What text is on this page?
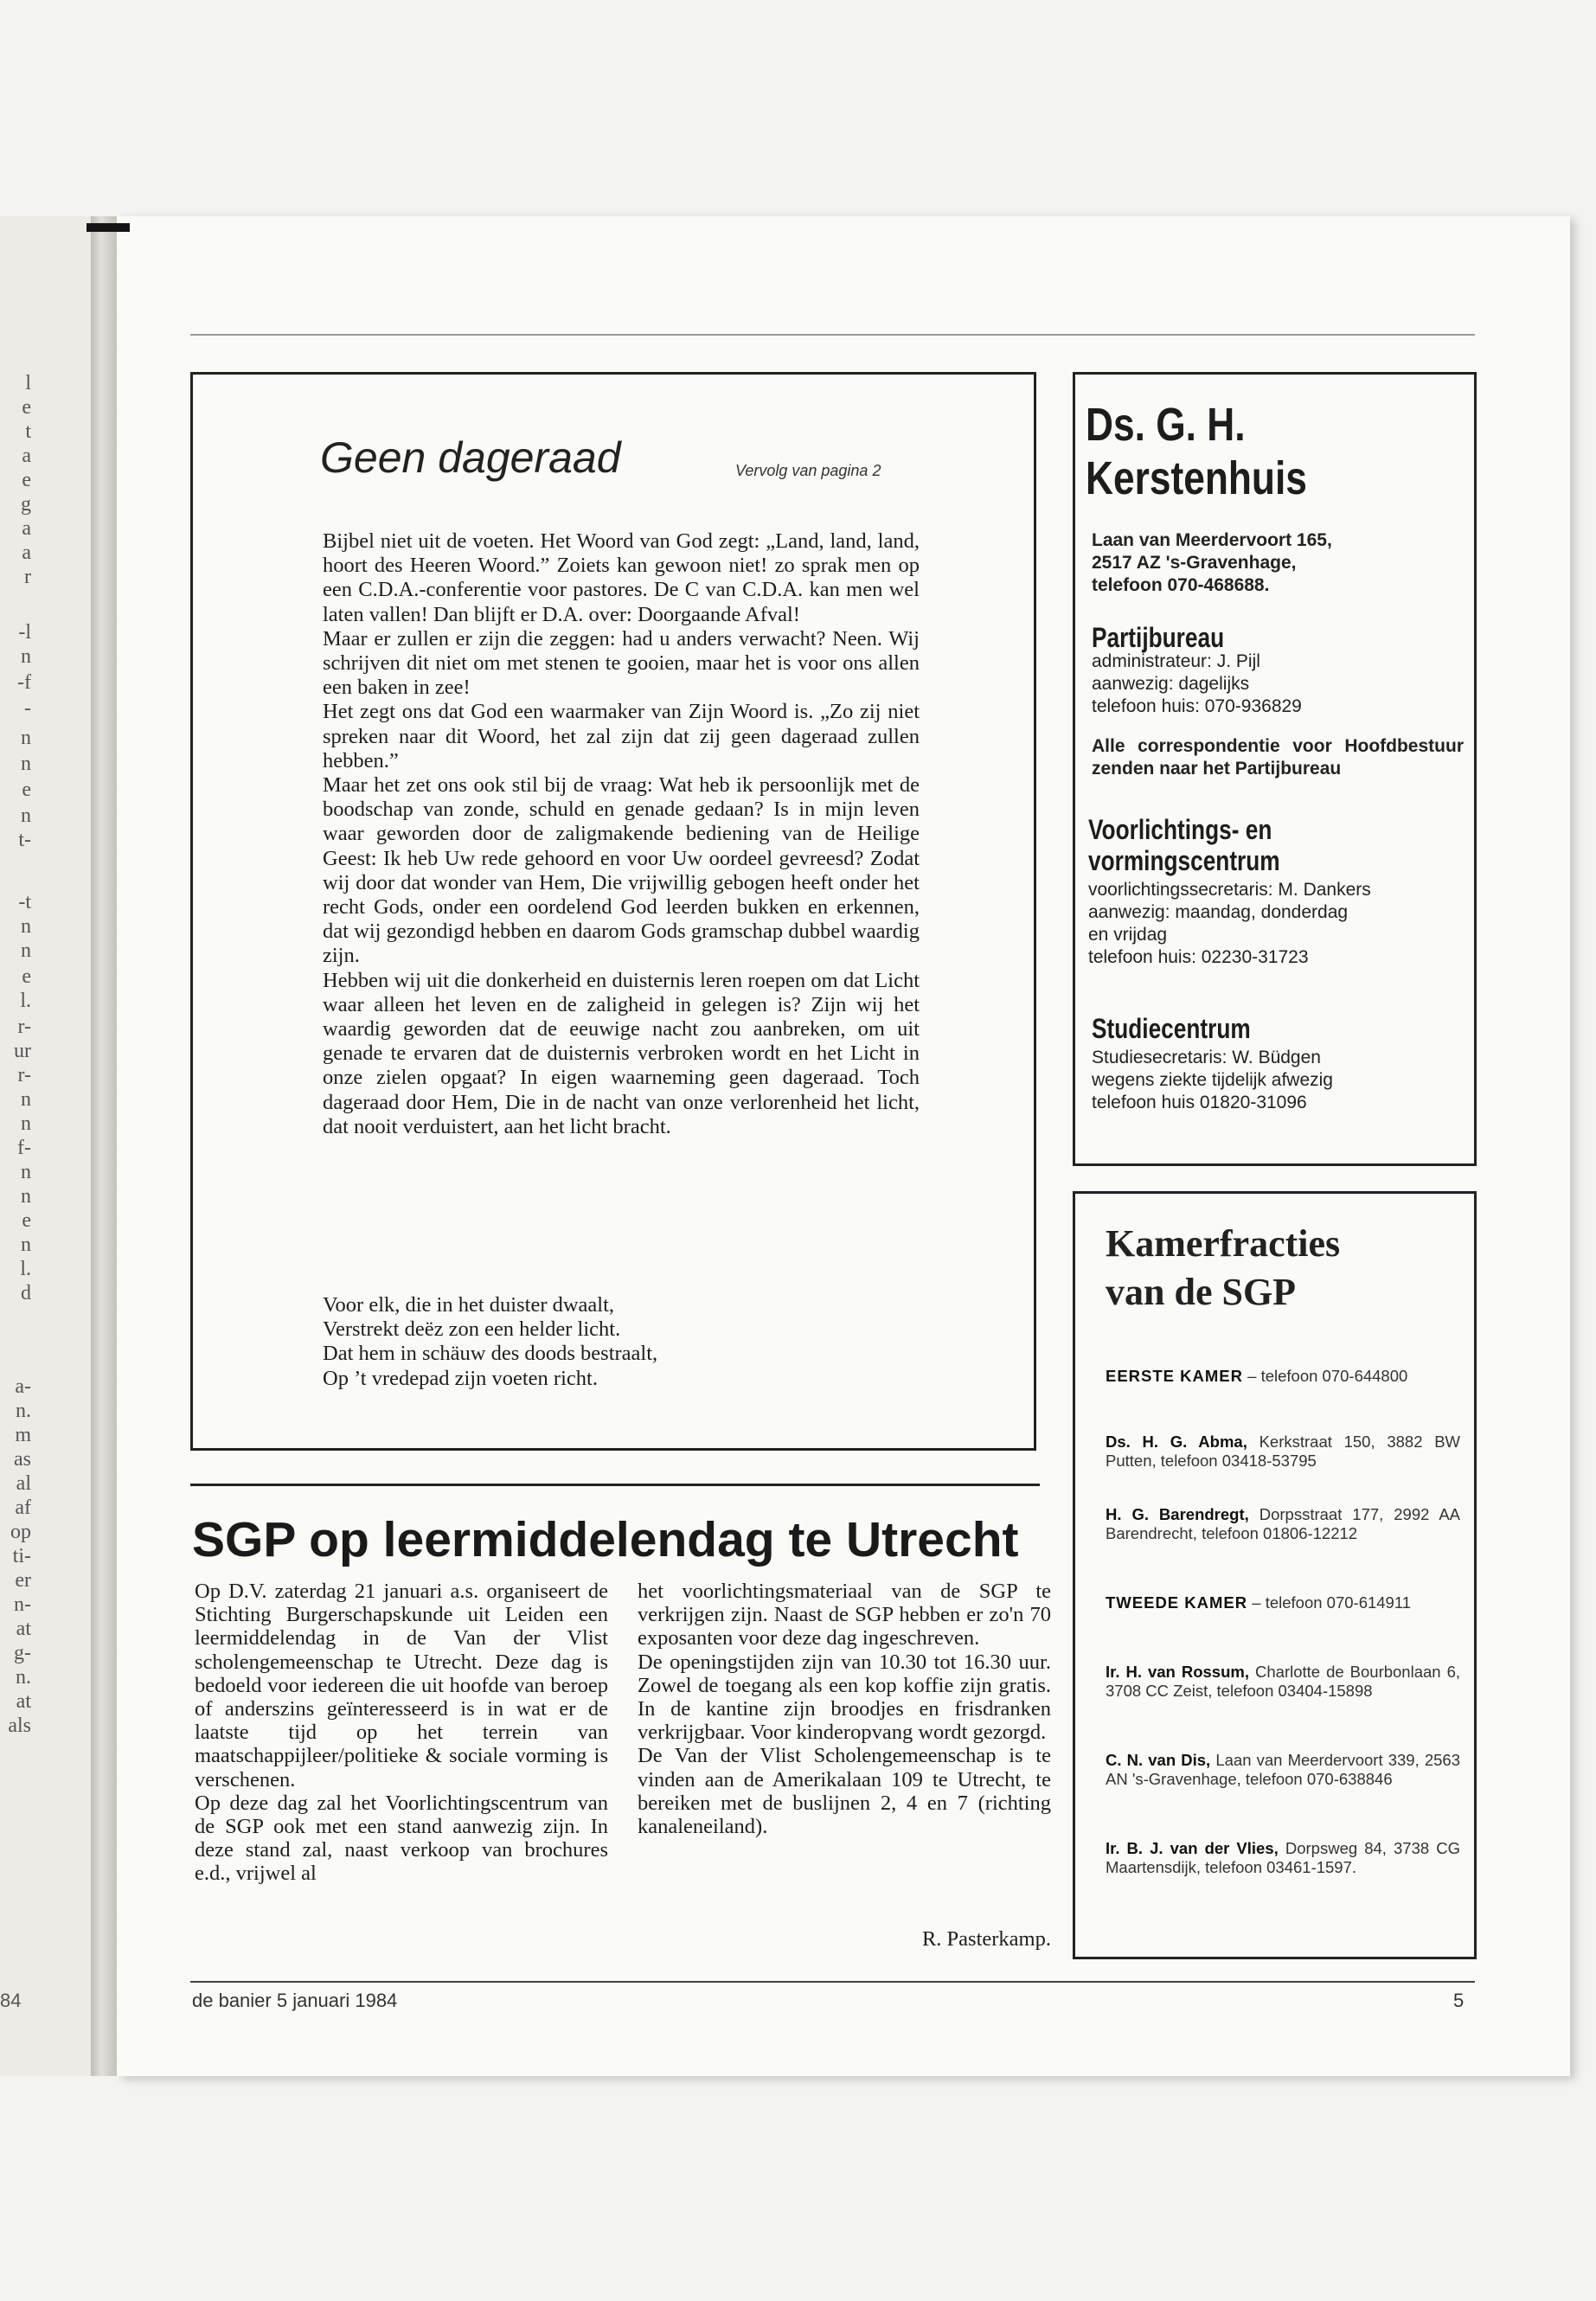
l
e
t
a
e
g
a
a
r
-l
n
-f
-
n
n
e
n
t-
-t
n
n
e
l.
r-
ur
r-
n
n
f-
n
n
e
n
l.
d
a-
n.
m
as
al
af
op
ti-
er
n-
at
g-
n.
at
als
84
Geen dageraad	Vervolg van pagina 2

Bijbel niet uit de voeten. Het Woord van God zegt: „Land, land, land, hoort des Heeren Woord.” Zoiets kan gewoon niet! zo sprak men op een C.D.A.-conferentie voor pastores. De C van C.D.A. kan men wel laten vallen! Dan blijft er D.A. over: Doorgaande Afval!

Maar er zullen er zijn die zeggen: had u anders verwacht? Neen. Wij schrijven dit niet om met stenen te gooien, maar het is voor ons allen een baken in zee!

Het zegt ons dat God een waarmaker van Zijn Woord is. „Zo zij niet spreken naar dit Woord, het zal zijn dat zij geen dageraad zullen hebben.”

Maar het zet ons ook stil bij de vraag: Wat heb ik persoonlijk met de boodschap van zonde, schuld en genade gedaan? Is in mijn leven waar geworden door de zaligmakende bediening van de Heilige Geest: Ik heb Uw rede gehoord en voor Uw oordeel gevreesd? Zodat wij door dat wonder van Hem, Die vrijwillig gebogen heeft onder het recht Gods, onder een oordelend God leerden bukken en erkennen, dat wij gezondigd hebben en daarom Gods gramschap dubbel waardig zijn.

Hebben wij uit die donkerheid en duisternis leren roepen om dat Licht waar alleen het leven en de zaligheid in gelegen is? Zijn wij het waardig geworden dat de eeuwige nacht zou aanbreken, om uit genade te ervaren dat de duisternis verbroken wordt en het Licht in onze zielen opgaat? In eigen waarneming geen dageraad. Toch dageraad door Hem, Die in de nacht van onze verlorenheid het licht, dat nooit verduistert, aan het licht bracht.

Voor elk, die in het duister dwaalt,

Verstrekt deëz zon een helder licht.

Dat hem in schäuw des doods bestraalt,

Op ’t vredepad zijn voeten richt.

Ds. G. H.
Kerstenhuis
Laan van Meerdervoort 165,
2517 AZ 's-Gravenhage,
telefoon 070-468688.
Partijbureau
administrateur: J. Pijl
aanwezig: dagelijks
telefoon huis: 070-936829
Alle correspondentie voor Hoofdbestuur zenden naar het Partijbureau
Voorlichtings- en
vormingscentrum
voorlichtingssecretaris: M. Dankers
aanwezig: maandag, donderdag
en vrijdag
telefoon huis: 02230-31723
Studiecentrum
Studiesecretaris: W. Büdgen
wegens ziekte tijdelijk afwezig
telefoon huis 01820-31096
Kamerfracties
van de SGP
EERSTE KAMER – telefoon 070-644800
Ds. H. G. Abma, Kerkstraat 150, 3882 BW Putten, telefoon 03418-53795
H. G. Barendregt, Dorpsstraat 177, 2992 AA Barendrecht, telefoon 01806-12212
TWEEDE KAMER – telefoon 070-614911
Ir. H. van Rossum, Charlotte de Bourbonlaan 6, 3708 CC Zeist, telefoon 03404-15898
C. N. van Dis, Laan van Meerdervoort 339, 2563 AN 's-Gravenhage, telefoon 070-638846
Ir. B. J. van der Vlies, Dorpsweg 84, 3738 CG Maartensdijk, telefoon 03461-1597.
SGP op leermiddelendag te Utrecht

Op D.V. zaterdag 21 januari a.s. organiseert de Stichting Burgerschapskunde uit Leiden een leermiddelendag in de Van der Vlist scholengemeenschap te Utrecht. Deze dag is bedoeld voor iedereen die uit hoofde van beroep of anderszins geïnteresseerd is in wat er de laatste tijd op het terrein van maatschappijleer/politieke & sociale vorming is verschenen.

Op deze dag zal het Voorlichtingscentrum van de SGP ook met een stand aanwezig zijn. In deze stand zal, naast verkoop van brochures e.d., vrijwel al

het voorlichtingsmateriaal van de SGP te verkrijgen zijn. Naast de SGP hebben er zo'n 70 exposanten voor deze dag ingeschreven.

De openingstijden zijn van 10.30 tot 16.30 uur. Zowel de toegang als een kop koffie zijn gratis. In de kantine zijn broodjes en frisdranken verkrijgbaar. Voor kinderopvang wordt gezorgd.

De Van der Vlist Scholengemeenschap is te vinden aan de Amerikalaan 109 te Utrecht, te bereiken met de buslijnen 2, 4 en 7 (richting kanaleneiland).

R. Pasterkamp.
de banier 5 januari 1984	5
